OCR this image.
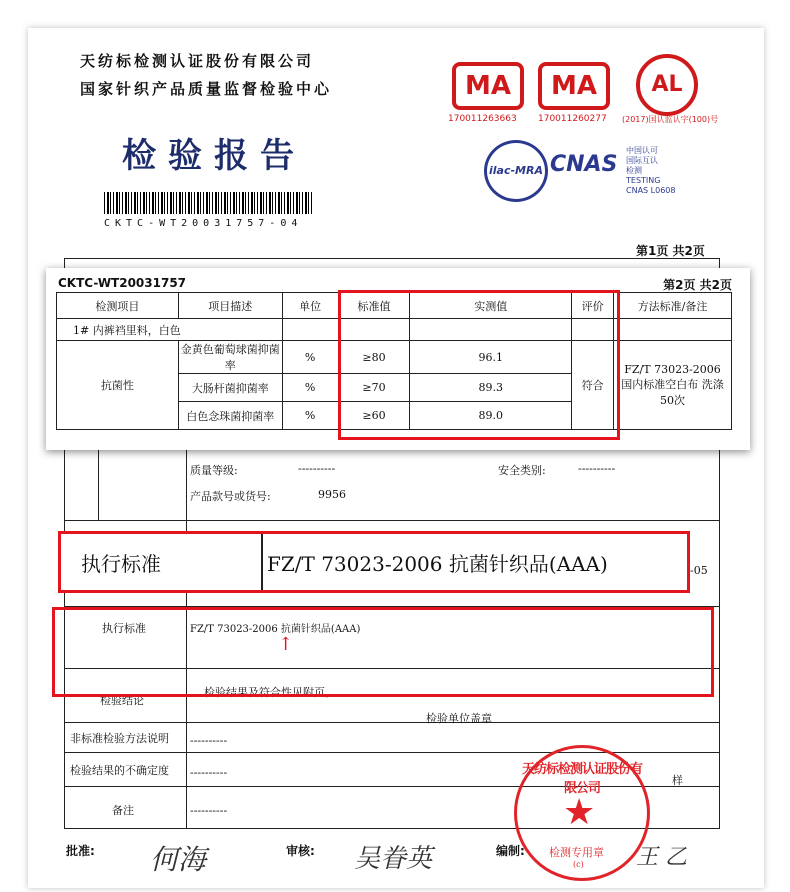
天纺标检测认证股份有限公司
国家针织产品质量监督检验中心
检验报告
CKTC-WT20031757-04
MA
170011263663
MA
170011260277
AL
(2017)国认监认字(100)号
ilac-MRA CNAS
中国认可
国际互认
检测
TESTING
CNAS L0608
第1页 共2页
质量等级:	----------	安全类别:	----------
产品款号或货号:	9956
-05
执行标准	FZ/T 73023-2006 抗菌针织品(AAA)
↑
检验结论
检验结果及符合性见附页。
检验单位盖章
非标准检验方法说明 ----------
检验结果的不确定度 ----------
备注	----------
样
执行标准	FZ/T 73023-2006 抗菌针织品(AAA)
CKTC-WT20031757	第2页 共2页
检测项目	项目描述	单位	标准值	实测值	评价	方法标准/备注
1# 内裤裆里料，白色						
抗菌性	金黄色葡萄球菌抑菌率	%	≥80	96.1	符合	FZ/T 73023-2006 国内标准空白布 洗涤50次
	大肠杆菌抑菌率	%	≥70	89.3		
	白色念珠菌抑菌率	%	≥60	89.0		
天纺标检测认证股份有限公司
★
检测专用章
(c)
批准: 何海	审核: 吴眷英	编制:	王 乙
